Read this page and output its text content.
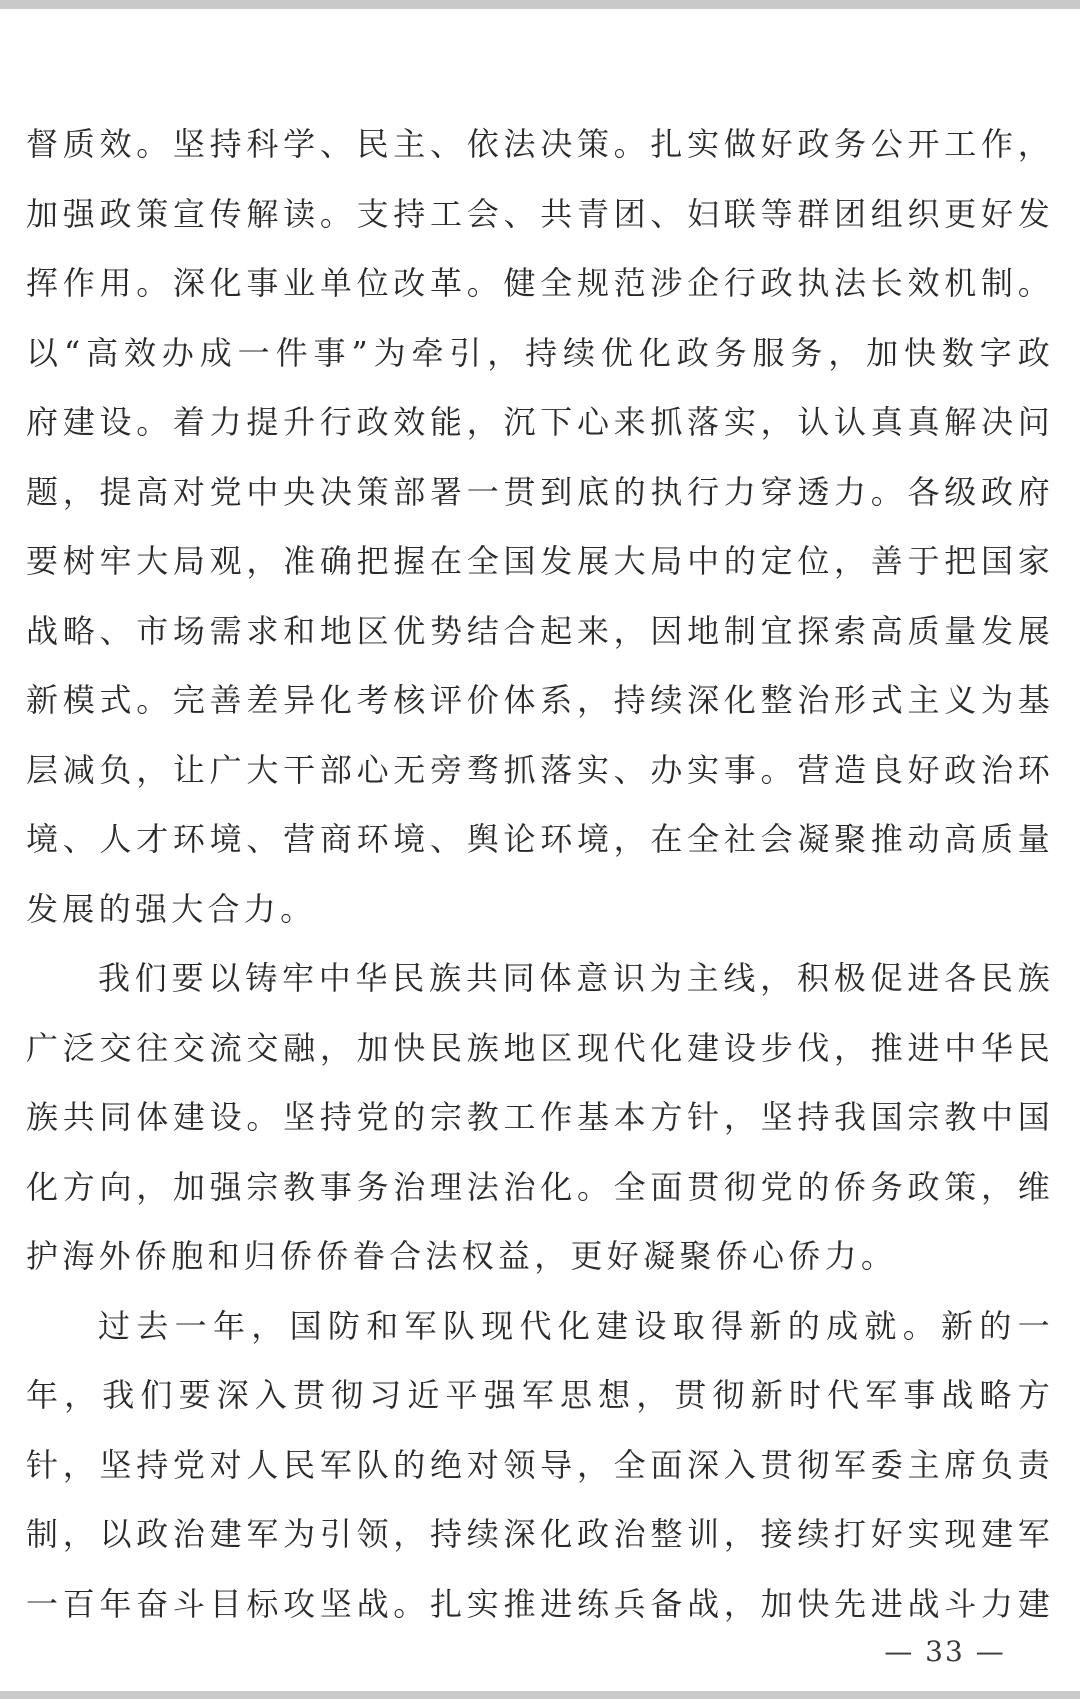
督质效。坚持科学、民主、依法决策。扎实做好政务公开工作，
加强政策宣传解读。支持工会、共青团、妇联等群团组织更好发
挥作用。深化事业单位改革。健全规范涉企行政执法长效机制。
以“高效办成一件事”为牵引，持续优化政务服务，加快数字政
府建设。着力提升行政效能，沉下心来抓落实，认认真真解决问
题，提高对党中央决策部署一贯到底的执行力穿透力。各级政府
要树牢大局观，准确把握在全国发展大局中的定位，善于把国家
战略、市场需求和地区优势结合起来，因地制宜探索高质量发展
新模式。完善差异化考核评价体系，持续深化整治形式主义为基
层减负，让广大干部心无旁骛抓落实、办实事。营造良好政治环
境、人才环境、营商环境、舆论环境，在全社会凝聚推动高质量
发展的强大合力。
我们要以铸牢中华民族共同体意识为主线，积极促进各民族
广泛交往交流交融，加快民族地区现代化建设步伐，推进中华民
族共同体建设。坚持党的宗教工作基本方针，坚持我国宗教中国
化方向，加强宗教事务治理法治化。全面贯彻党的侨务政策，维
护海外侨胞和归侨侨眷合法权益，更好凝聚侨心侨力。
过去一年，国防和军队现代化建设取得新的成就。新的一
年，我们要深入贯彻习近平强军思想，贯彻新时代军事战略方
针，坚持党对人民军队的绝对领导，全面深入贯彻军委主席负责
制，以政治建军为引领，持续深化政治整训，接续打好实现建军
一百年奋斗目标攻坚战。扎实推进练兵备战，加快先进战斗力建
— 33 —
